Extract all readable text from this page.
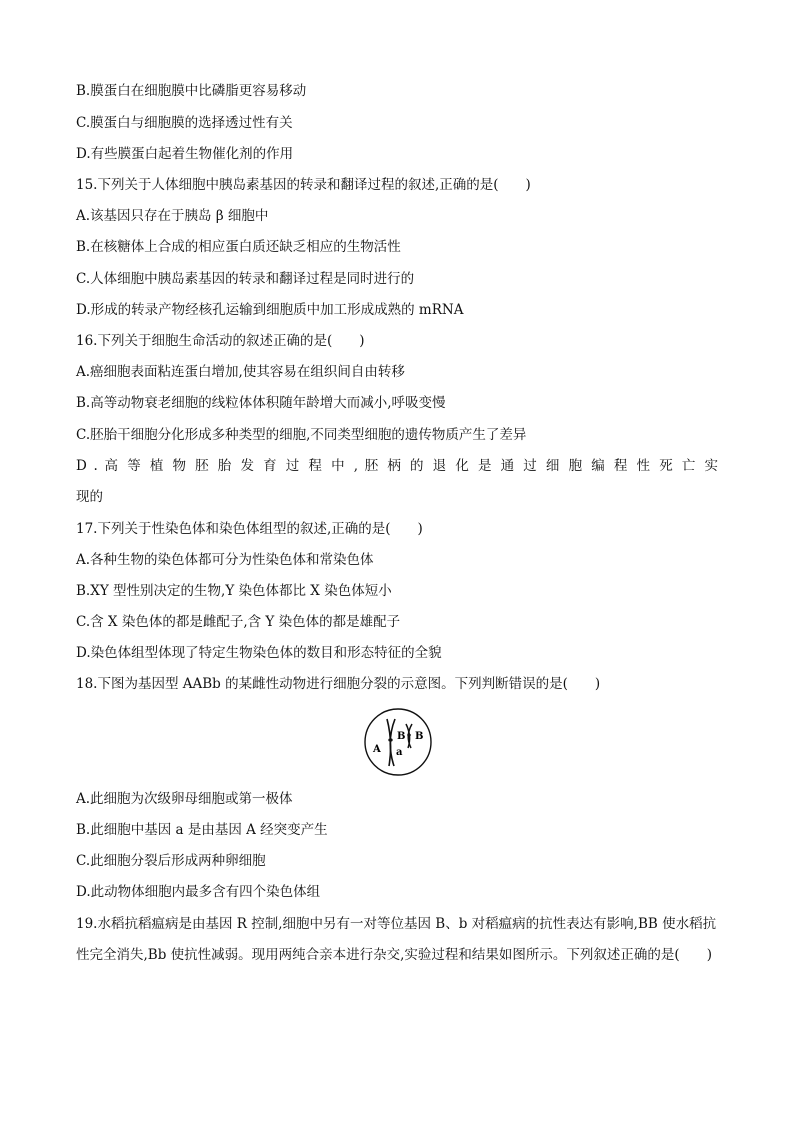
B.膜蛋白在细胞膜中比磷脂更容易移动
C.膜蛋白与细胞膜的选择透过性有关
D.有些膜蛋白起着生物催化剂的作用
15.下列关于人体细胞中胰岛素基因的转录和翻译过程的叙述,正确的是(　　)
A.该基因只存在于胰岛 β 细胞中
B.在核糖体上合成的相应蛋白质还缺乏相应的生物活性
C.人体细胞中胰岛素基因的转录和翻译过程是同时进行的
D.形成的转录产物经核孔运输到细胞质中加工形成成熟的 mRNA
16.下列关于细胞生命活动的叙述正确的是(　　)
A.癌细胞表面粘连蛋白增加,使其容易在组织间自由转移
B.高等动物衰老细胞的线粒体体积随年龄增大而减小,呼吸变慢
C.胚胎干细胞分化形成多种类型的细胞,不同类型细胞的遗传物质产生了差异
D . 高 等 植 物 胚 胎 发 育 过 程 中 , 胚 柄 的 退 化 是 通 过 细 胞 编 程 性 死 亡 实
现的
17.下列关于性染色体和染色体组型的叙述,正确的是(　　)
A.各种生物的染色体都可分为性染色体和常染色体
B.XY 型性别决定的生物,Y 染色体都比 X 染色体短小
C.含 X 染色体的都是雌配子,含 Y 染色体的都是雄配子
D.染色体组型体现了特定生物染色体的数目和形态特征的全貌
18.下图为基因型 AABb 的某雌性动物进行细胞分裂的示意图。下列判断错误的是(　　)
B B
A a
A.此细胞为次级卵母细胞或第一极体
B.此细胞中基因 a 是由基因 A 经突变产生
C.此细胞分裂后形成两种卵细胞
D.此动物体细胞内最多含有四个染色体组
19.水稻抗稻瘟病是由基因 R 控制,细胞中另有一对等位基因 B、b 对稻瘟病的抗性表达有影响,BB 使水稻抗
性完全消失,Bb 使抗性减弱。现用两纯合亲本进行杂交,实验过程和结果如图所示。下列叙述正确的是(　　)
